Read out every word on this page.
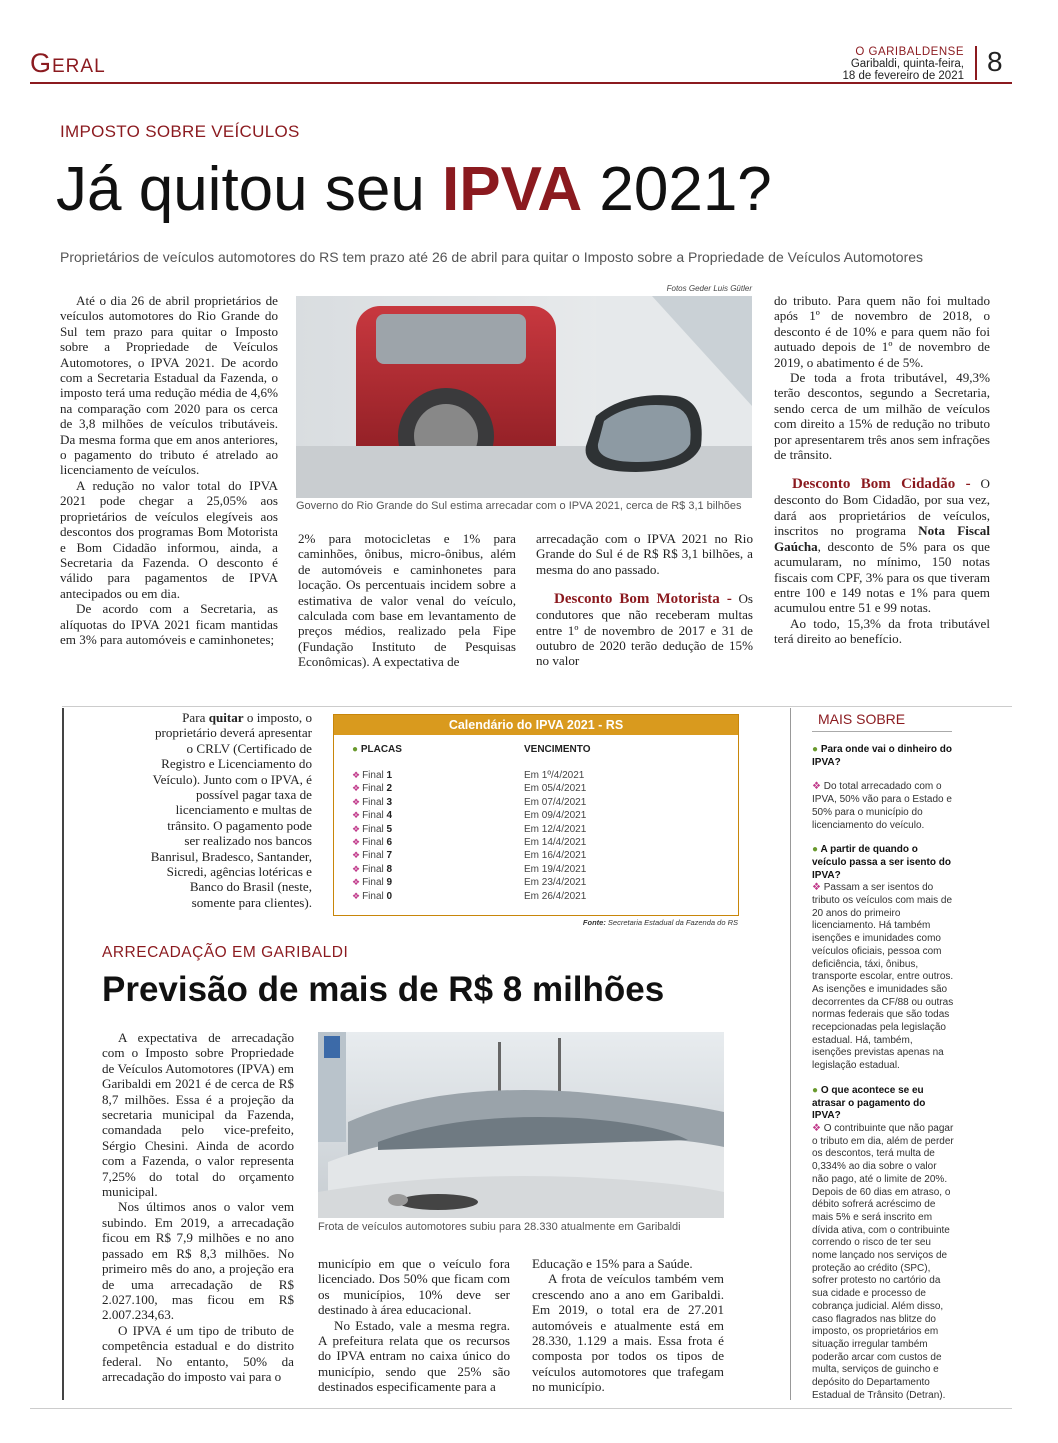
Geral	O GARIBALDENSE
Garibaldi, quinta-feira,
18 de fevereiro de 2021 8
IMPOSTO SOBRE VEÍCULOS
Já quitou seu IPVA 2021?
Proprietários de veículos automotores do RS tem prazo até 26 de abril para quitar o Imposto sobre a Propriedade de Veículos Automotores

Até o dia 26 de abril proprietários de veículos automotores do Rio Grande do Sul tem prazo para quitar o Imposto sobre a Propriedade de Veículos Automotores, o IPVA 2021. De acordo com a Secretaria Estadual da Fazenda, o imposto terá uma redução média de 4,6% na comparação com 2020 para os cerca de 3,8 milhões de veículos tributáveis. Da mesma forma que em anos anteriores, o pagamento do tributo é atrelado ao licenciamento de veículos.

A redução no valor total do IPVA 2021 pode chegar a 25,05% aos proprietários de veículos elegíveis aos descontos dos programas Bom Motorista e Bom Cidadão informou, ainda, a Secretaria da Fazenda. O desconto é válido para pagamentos de IPVA antecipados ou em dia.

De acordo com a Secretaria, as alíquotas do IPVA 2021 ficam mantidas em 3% para automóveis e caminhonetes;

Fotos Geder Luis Gütler
Governo do Rio Grande do Sul estima arrecadar com o IPVA 2021, cerca de R$ 3,1 bilhões

2% para motocicletas e 1% para caminhões, ônibus, micro-ônibus, além de automóveis e caminhonetes para locação. Os percentuais incidem sobre a estimativa de valor venal do veículo, calculada com base em levantamento de preços médios, realizado pela Fipe (Fundação Instituto de Pesquisas Econômicas). A expectativa de

arrecadação com o IPVA 2021 no Rio Grande do Sul é de R$ R$ 3,1 bilhões, a mesma do ano passado.

Desconto Bom Motorista - Os condutores que não receberam multas entre 1º de novembro de 2017 e 31 de outubro de 2020 terão dedução de 15% no valor

do tributo. Para quem não foi multado após 1º de novembro de 2018, o desconto é de 10% e para quem não foi autuado depois de 1º de novembro de 2019, o abatimento é de 5%.

De toda a frota tributável, 49,3% terão descontos, segundo a Secretaria, sendo cerca de um milhão de veículos com direito a 15% de redução no tributo por apresentarem três anos sem infrações de trânsito.

Desconto Bom Cidadão - O desconto do Bom Cidadão, por sua vez, dará aos proprietários de veículos, inscritos no programa Nota Fiscal Gaúcha, desconto de 5% para os que acumularam, no mínimo, 150 notas fiscais com CPF, 3% para os que tiveram entre 100 e 149 notas e 1% para quem acumulou entre 51 e 99 notas.

Ao todo, 15,3% da frota tributável terá direito ao benefício.

Para quitar o imposto, o proprietário deverá apresentar o CRLV (Certificado de Registro e Licenciamento do Veículo). Junto com o IPVA, é possível pagar taxa de licenciamento e multas de trânsito. O pagamento pode ser realizado nos bancos Banrisul, Bradesco, Santander, Sicredi, agências lotéricas e Banco do Brasil (neste, somente para clientes).

Calendário do IPVA 2021 - RS
● PLACAS	VENCIMENTO
❖ Final 1	Em 1º/4/2021
❖ Final 2	Em 05/4/2021
❖ Final 3	Em 07/4/2021
❖ Final 4	Em 09/4/2021
❖ Final 5	Em 12/4/2021
❖ Final 6	Em 14/4/2021
❖ Final 7	Em 16/4/2021
❖ Final 8	Em 19/4/2021
❖ Final 9	Em 23/4/2021
❖ Final 0	Em 26/4/2021
Fonte: Secretaria Estadual da Fazenda do RS
MAIS SOBRE
● Para onde vai o dinheiro do IPVA?
❖ Do total arrecadado com o IPVA, 50% vão para o Estado e 50% para o município do licenciamento do veículo.
● A partir de quando o veículo passa a ser isento do IPVA?
❖ Passam a ser isentos do tributo os veículos com mais de 20 anos do primeiro licenciamento. Há também isenções e imunidades como veículos oficiais, pessoa com deficiência, táxi, ônibus, transporte escolar, entre outros. As isenções e imunidades são decorrentes da CF/88 ou outras normas federais que são todas recepcionadas pela legislação estadual. Há, também, isenções previstas apenas na legislação estadual.
● O que acontece se eu atrasar o pagamento do IPVA?
❖ O contribuinte que não pagar o tributo em dia, além de perder os descontos, terá multa de 0,334% ao dia sobre o valor não pago, até o limite de 20%. Depois de 60 dias em atraso, o débito sofrerá acréscimo de mais 5% e será inscrito em dívida ativa, com o contribuinte correndo o risco de ter seu nome lançado nos serviços de proteção ao crédito (SPC), sofrer protesto no cartório da sua cidade e processo de cobrança judicial. Além disso, caso flagrados nas blitze do imposto, os proprietários em situação irregular também poderão arcar com custos de multa, serviços de guincho e depósito do Departamento Estadual de Trânsito (Detran).
ARRECADAÇÃO EM GARIBALDI
Previsão de mais de R$ 8 milhões

A expectativa de arrecadação com o Imposto sobre Propriedade de Veículos Automotores (IPVA) em Garibaldi em 2021 é de cerca de R$ 8,7 milhões. Essa é a projeção da secretaria municipal da Fazenda, comandada pelo vice-prefeito, Sérgio Chesini. Ainda de acordo com a Fazenda, o valor representa 7,25% do total do orçamento municipal.

Nos últimos anos o valor vem subindo. Em 2019, a arrecadação ficou em R$ 7,9 milhões e no ano passado em R$ 8,3 milhões. No primeiro mês do ano, a projeção era de uma arrecadação de R$ 2.027.100, mas ficou em R$ 2.007.234,63.

O IPVA é um tipo de tributo de competência estadual e do distrito federal. No entanto, 50% da arrecadação do imposto vai para o

Frota de veículos automotores subiu para 28.330 atualmente em Garibaldi

município em que o veículo fora licenciado. Dos 50% que ficam com os municípios, 10% deve ser destinado à área educacional.

No Estado, vale a mesma regra. A prefeitura relata que os recursos do IPVA entram no caixa único do município, sendo que 25% são destinados especificamente para a

Educação e 15% para a Saúde.

A frota de veículos também vem crescendo ano a ano em Garibaldi. Em 2019, o total era de 27.201 automóveis e atualmente está em 28.330, 1.129 a mais. Essa frota é composta por todos os tipos de veículos automotores que trafegam no município.
